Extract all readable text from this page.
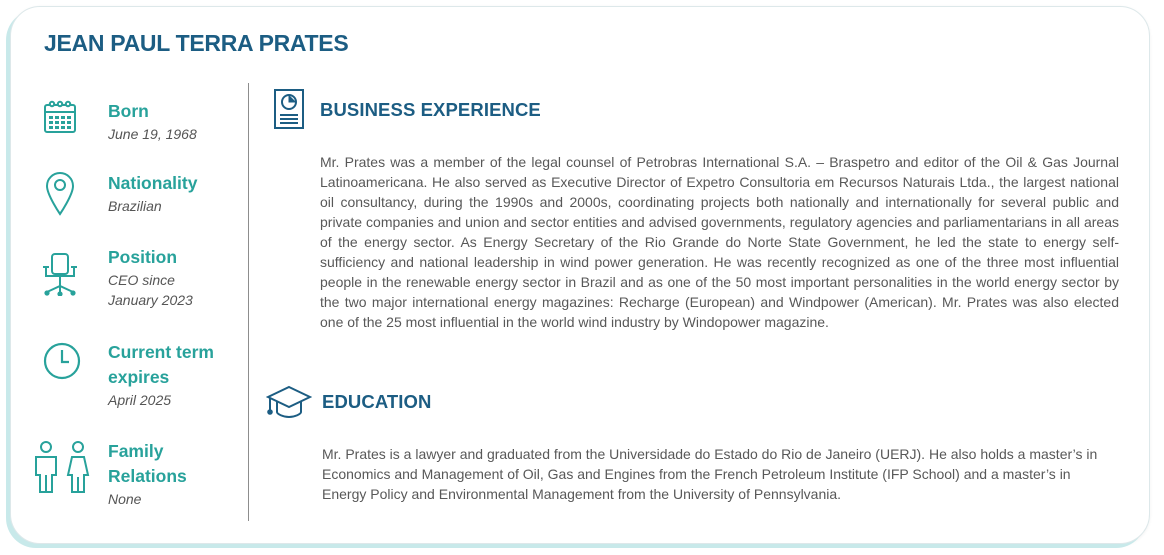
JEAN PAUL TERRA PRATES
Born
June 19, 1968
Nationality
Brazilian
Position
CEO since
January 2023
Current term
expires
April 2025
Family
Relations
None
BUSINESS EXPERIENCE

Mr. Prates was a member of the legal counsel of Petrobras International S.A. – Braspetro and editor of the Oil & Gas Journal Latinoamericana. He also served as Executive Director of Expetro Consultoria em Recursos Naturais Ltda., the largest national oil consultancy, during the 1990s and 2000s, coordinating projects both nationally and internationally for several public and private companies and union and sector entities and advised governments, regulatory agencies and parliamentarians in all areas of the energy sector. As Energy Secretary of the Rio Grande do Norte State Government, he led the state to energy self-sufficiency and national leadership in wind power generation. He was recently recognized as one of the three most influential people in the renewable energy sector in Brazil and as one of the 50 most important personalities in the world energy sector by the two major international energy magazines: Recharge (European) and Windpower (American). Mr. Prates was also elected one of the 25 most influential in the world wind industry by Windopower magazine.

EDUCATION

Mr. Prates is a lawyer and graduated from the Universidade do Estado do Rio de Janeiro (UERJ). He also holds a master’s in Economics and Management of Oil, Gas and Engines from the French Petroleum Institute (IFP School) and a master’s in Energy Policy and Environmental Management from the University of Pennsylvania.
